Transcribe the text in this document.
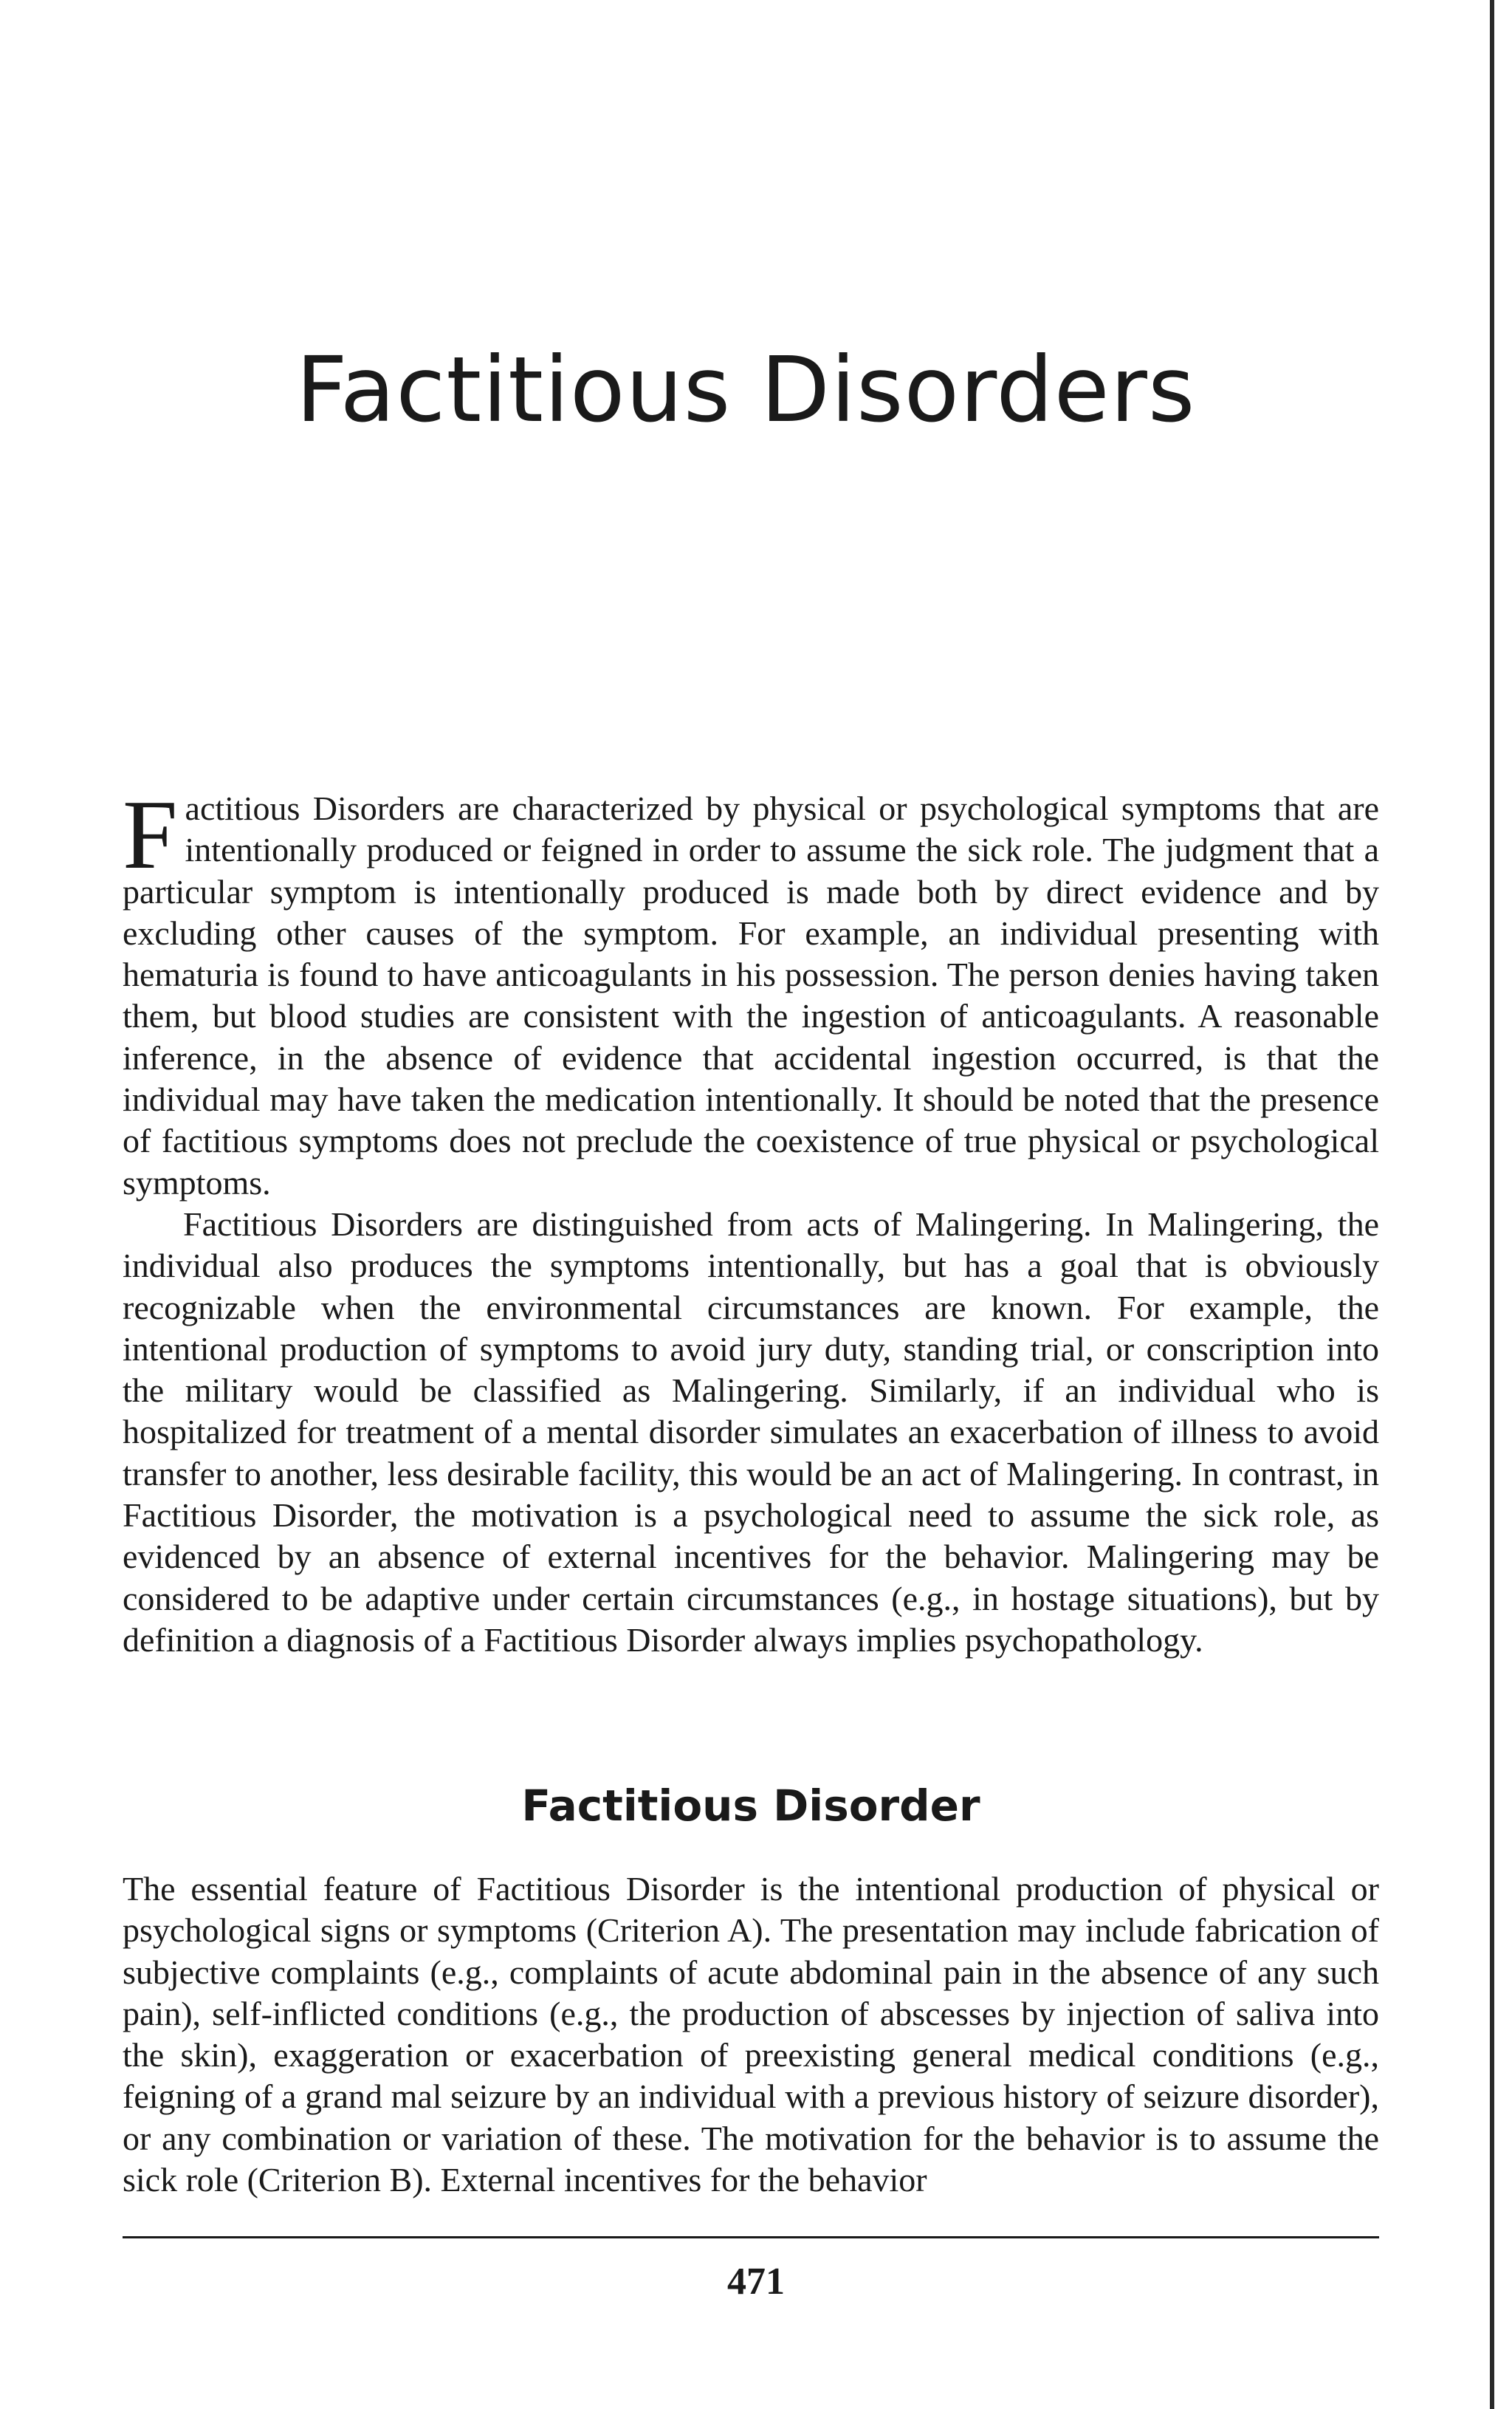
Factitious Disorders

Factitious Disorders are characterized by physical or psychological symptoms that are intentionally produced or feigned in order to assume the sick role. The judgment that a particular symptom is intentionally produced is made both by direct evidence and by excluding other causes of the symptom. For example, an individual presenting with hematuria is found to have anticoagulants in his possession. The person denies having taken them, but blood studies are consistent with the ingestion of anticoagulants. A reasonable inference, in the absence of evidence that accidental ingestion occurred, is that the individual may have taken the medication intentionally. It should be noted that the presence of factitious symptoms does not preclude the coexistence of true physical or psychological symptoms.

Factitious Disorders are distinguished from acts of Malingering. In Malingering, the individual also produces the symptoms intentionally, but has a goal that is obviously recognizable when the environmental circumstances are known. For example, the intentional production of symptoms to avoid jury duty, standing trial, or conscription into the military would be classified as Malingering. Similarly, if an individual who is hospitalized for treatment of a mental disorder simulates an exacerbation of illness to avoid transfer to another, less desirable facility, this would be an act of Malingering. In contrast, in Factitious Disorder, the motivation is a psychological need to assume the sick role, as evidenced by an absence of external incentives for the behavior. Malingering may be considered to be adaptive under certain circumstances (e.g., in hostage situations), but by definition a diagnosis of a Factitious Disorder always implies psychopathology.

Factitious Disorder

The essential feature of Factitious Disorder is the intentional production of physical or psychological signs or symptoms (Criterion A). The presentation may include fabrication of subjective complaints (e.g., complaints of acute abdominal pain in the absence of any such pain), self-inflicted conditions (e.g., the production of abscesses by injection of saliva into the skin), exaggeration or exacerbation of preexisting general medical conditions (e.g., feigning of a grand mal seizure by an individual with a previous history of seizure disorder), or any combination or variation of these. The motivation for the behavior is to assume the sick role (Criterion B). External incentives for the behavior

471
